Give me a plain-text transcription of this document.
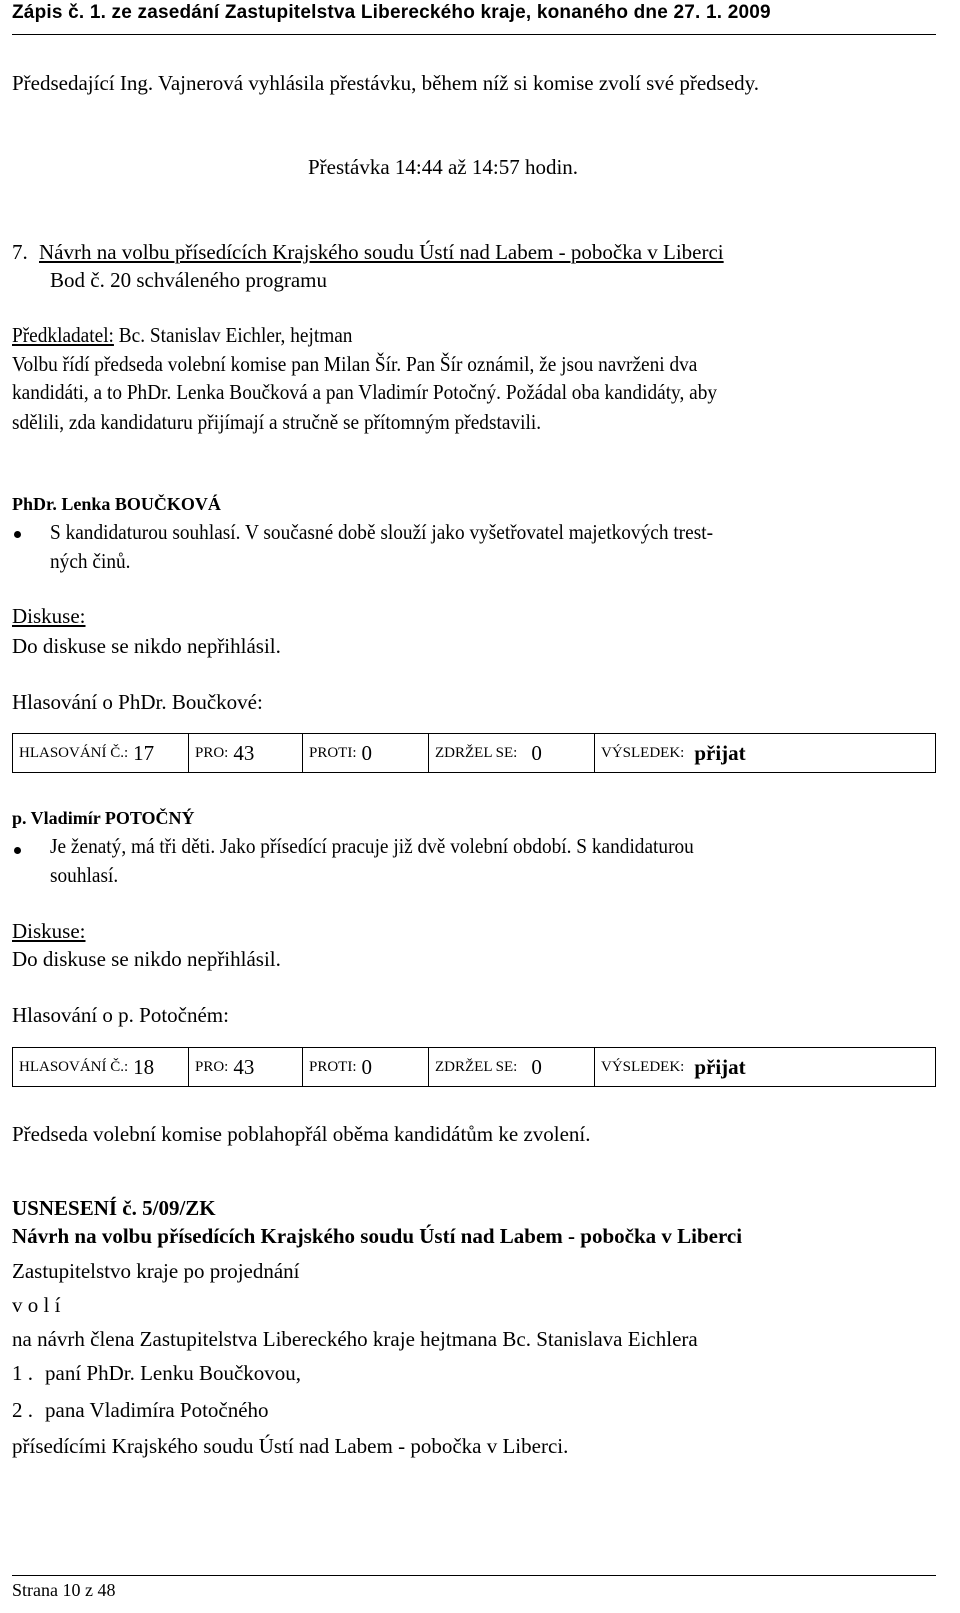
Zápis č. 1. ze zasedání Zastupitelstva Libereckého kraje, konaného dne 27. 1. 2009
Předsedající Ing. Vajnerová vyhlásila přestávku, během níž si komise zvolí své předsedy.
Přestávka 14:44 až 14:57 hodin.
7. Návrh na volbu přísedících Krajského soudu Ústí nad Labem - pobočka v Liberci
Bod č. 20 schváleného programu
Předkladatel: Bc. Stanislav Eichler, hejtman
Volbu řídí předseda volební komise pan Milan Šír. Pan Šír oznámil, že jsou navrženi dva
kandidáti, a to PhDr. Lenka Boučková a pan Vladimír Potočný. Požádal oba kandidáty, aby
sdělili, zda kandidaturu přijímají a stručně se přítomným představili.
PhDr. Lenka BOUČKOVÁ
S kandidaturou souhlasí. V současné době slouží jako vyšetřovatel majetkových trest-
ných činů.
Diskuse:
Do diskuse se nikdo nepřihlásil.
Hlasování o PhDr. Boučkové:
HLASOVÁNÍ Č.: 17	PRO: 43	PROTI: 0	ZDRŽEL SE: 0	VÝSLEDEK: přijat
p. Vladimír POTOČNÝ
Je ženatý, má tři děti. Jako přísedící pracuje již dvě volební období. S kandidaturou
souhlasí.
Diskuse:
Do diskuse se nikdo nepřihlásil.
Hlasování o p. Potočném:
HLASOVÁNÍ Č.: 18	PRO: 43	PROTI: 0	ZDRŽEL SE: 0	VÝSLEDEK: přijat
Předseda volební komise poblahopřál oběma kandidátům ke zvolení.
USNESENÍ č. 5/09/ZK
Návrh na volbu přísedících Krajského soudu Ústí nad Labem - pobočka v Liberci
Zastupitelstvo kraje po projednání
v o l í
na návrh člena Zastupitelstva Libereckého kraje hejtmana Bc. Stanislava Eichlera
1 . paní PhDr. Lenku Boučkovou,
2 . pana Vladimíra Potočného
přísedícími Krajského soudu Ústí nad Labem - pobočka v Liberci.
Strana 10 z 48
